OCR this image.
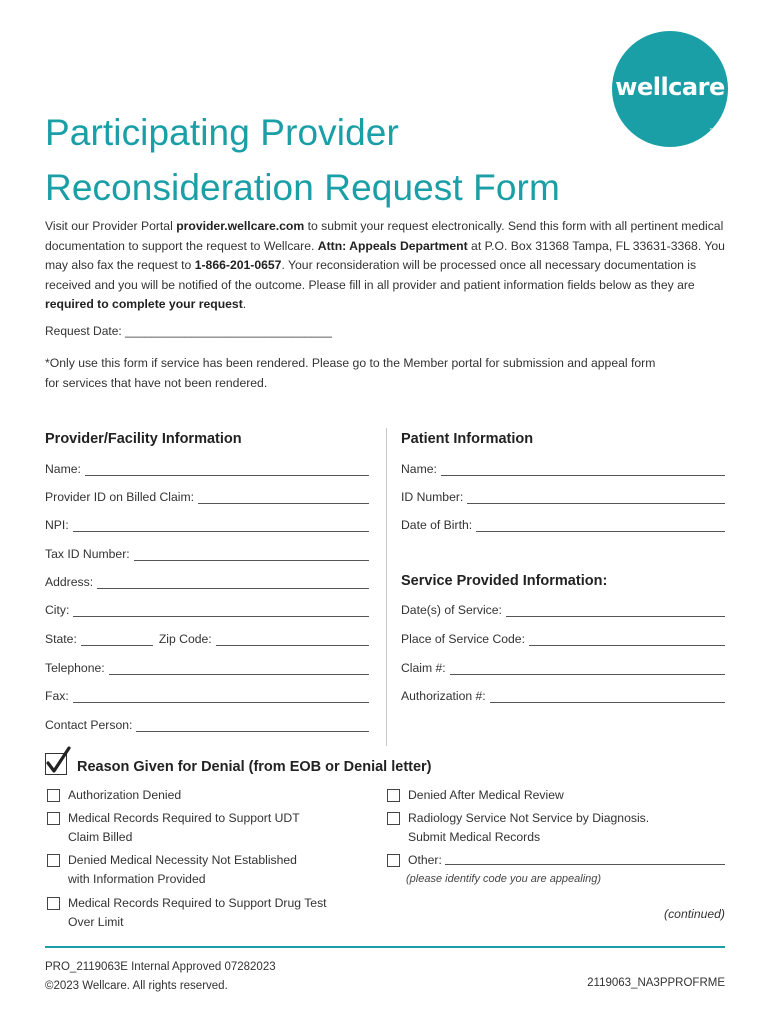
wellcare
™
Participating Provider
Reconsideration Request Form

Visit our Provider Portal provider.wellcare.com to submit your request electronically. Send this form with all pertinent medical documentation to support the request to Wellcare. Attn: Appeals Department at P.O. Box 31368 Tampa, FL 33631-3368. You may also fax the request to 1-866-201-0657. Your reconsideration will be processed once all necessary documentation is received and you will be notified of the outcome. Please fill in all provider and patient information fields below as they are required to complete your request.

Request Date: _______________________________

*Only use this form if service has been rendered. Please go to the Member portal for submission and appeal form
for services that have not been rendered.

Provider/Facility Information	Patient Information
Name:
Provider ID on Billed Claim:
NPI:
Tax ID Number:
Address:
City:
State:	Zip Code:
Telephone:
Fax:
Contact Person:
Name:
ID Number:
Date of Birth:
Service Provided Information:
Date(s) of Service:
Place of Service Code:
Claim #:
Authorization #:
Reason Given for Denial (from EOB or Denial letter)
Authorization Denied
Medical Records Required to Support UDT
Claim Billed
Denied Medical Necessity Not Established
with Information Provided
Medical Records Required to Support Drug Test
Over Limit
Denied After Medical Review
Radiology Service Not Service by Diagnosis.
Submit Medical Records
Other:
(please identify code you are appealing)
(continued)
PRO_2119063E Internal Approved 07282023
©2023 Wellcare. All rights reserved.	2119063_NA3PPROFRME
